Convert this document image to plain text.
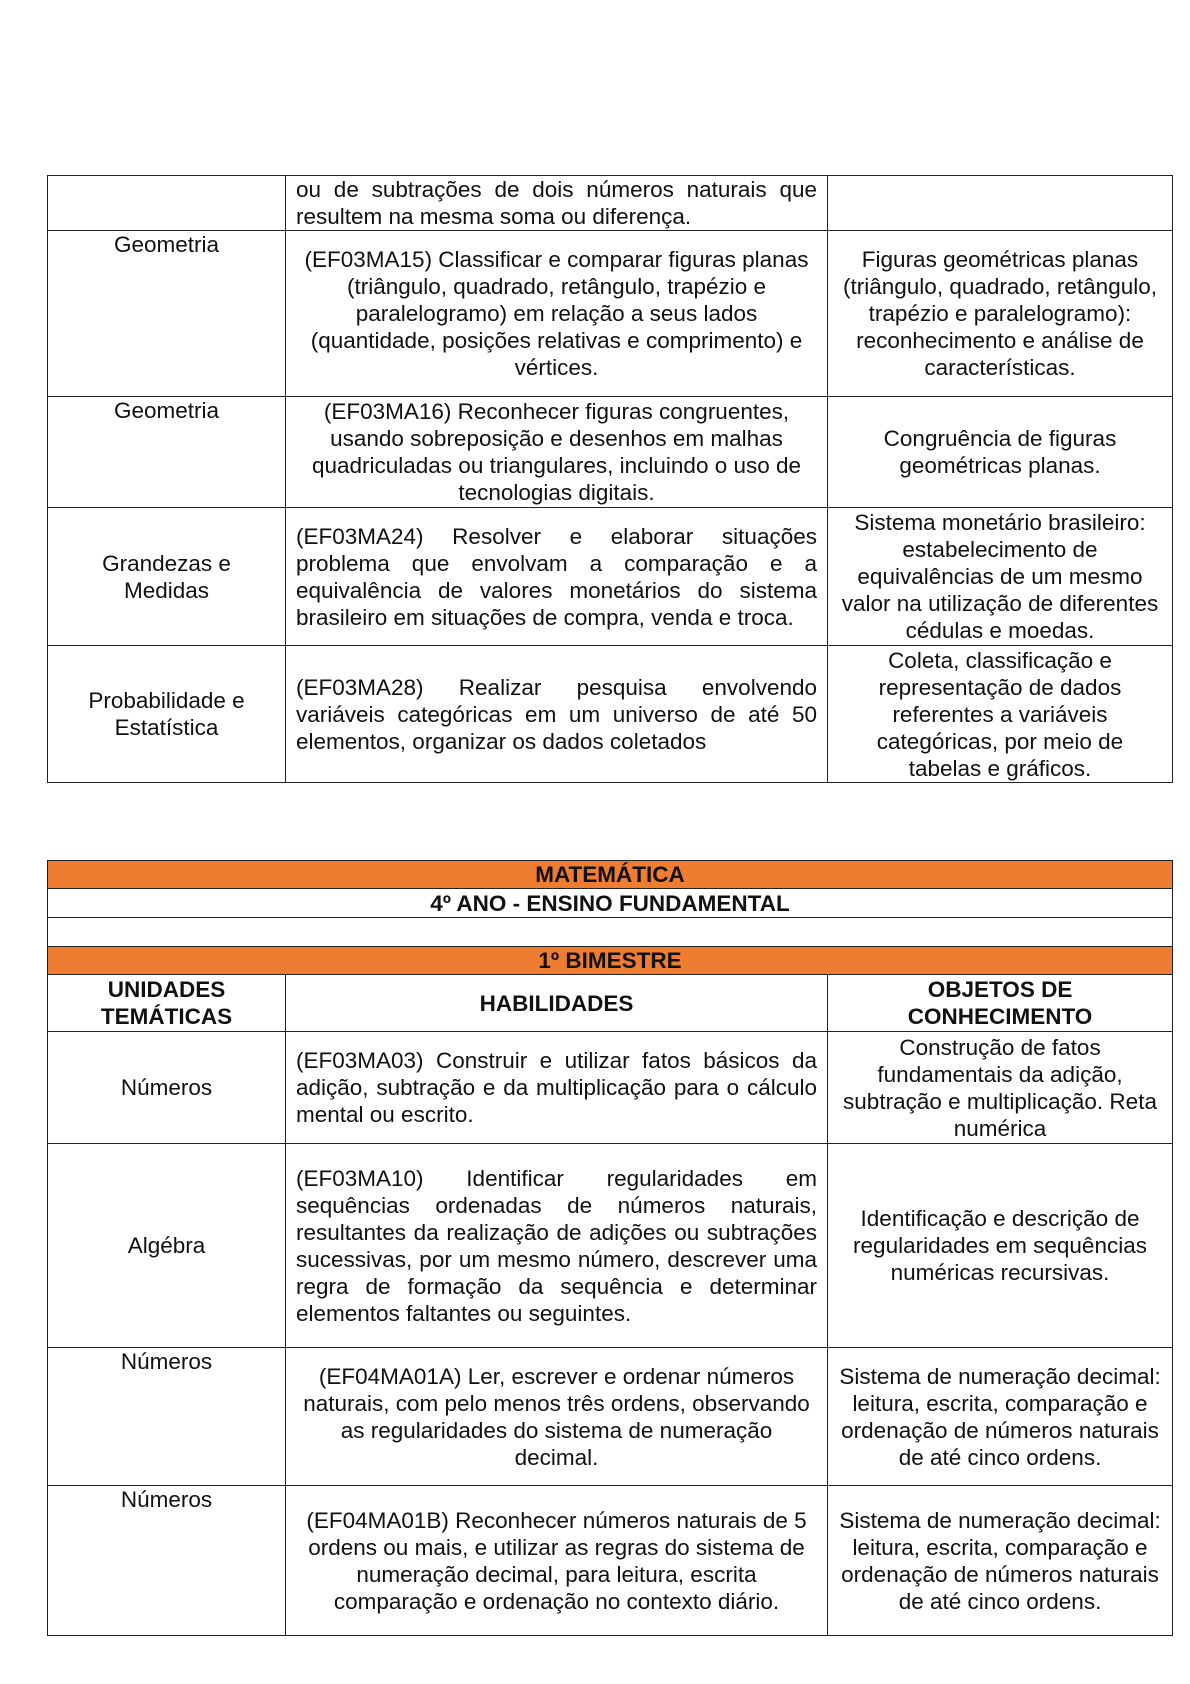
	ou de subtrações de dois números naturais que resultem na mesma soma ou diferença.	
Geometria	(EF03MA15) Classificar e comparar figuras planas (triângulo, quadrado, retângulo, trapézio e paralelogramo) em relação a seus lados (quantidade, posições relativas e comprimento) e vértices.	Figuras geométricas planas (triângulo, quadrado, retângulo, trapézio e paralelogramo): reconhecimento e análise de características.
Geometria	(EF03MA16) Reconhecer figuras congruentes, usando sobreposição e desenhos em malhas quadriculadas ou triangulares, incluindo o uso de tecnologias digitais.	Congruência de figuras geométricas planas.
Grandezas e Medidas	(EF03MA24) Resolver e elaborar situações problema que envolvam a comparação e a equivalência de valores monetários do sistema brasileiro em situações de compra, venda e troca.	Sistema monetário brasileiro: estabelecimento de equivalências de um mesmo valor na utilização de diferentes cédulas e moedas.
Probabilidade e Estatística	(EF03MA28) Realizar pesquisa envolvendo variáveis categóricas em um universo de até 50 elementos, organizar os dados coletados	Coleta, classificação e representação de dados referentes a variáveis categóricas, por meio de tabelas e gráficos.
MATEMÁTICA		
4º ANO - ENSINO FUNDAMENTAL		

1º BIMESTRE		
UNIDADES TEMÁTICAS	HABILIDADES	OBJETOS DE CONHECIMENTO
Números	(EF03MA03) Construir e utilizar fatos básicos da adição, subtração e da multiplicação para o cálculo mental ou escrito.	Construção de fatos fundamentais da adição, subtração e multiplicação. Reta numérica
Algébra	(EF03MA10) Identificar regularidades em sequências ordenadas de números naturais, resultantes da realização de adições ou subtrações sucessivas, por um mesmo número, descrever uma regra de formação da sequência e determinar elementos faltantes ou seguintes.	Identificação e descrição de regularidades em sequências numéricas recursivas.
Números	(EF04MA01A) Ler, escrever e ordenar números naturais, com pelo menos três ordens, observando as regularidades do sistema de numeração decimal.	Sistema de numeração decimal: leitura, escrita, comparação e ordenação de números naturais de até cinco ordens.
Números	(EF04MA01B) Reconhecer números naturais de 5 ordens ou mais, e utilizar as regras do sistema de numeração decimal, para leitura, escrita comparação e ordenação no contexto diário.	Sistema de numeração decimal: leitura, escrita, comparação e ordenação de números naturais de até cinco ordens.
